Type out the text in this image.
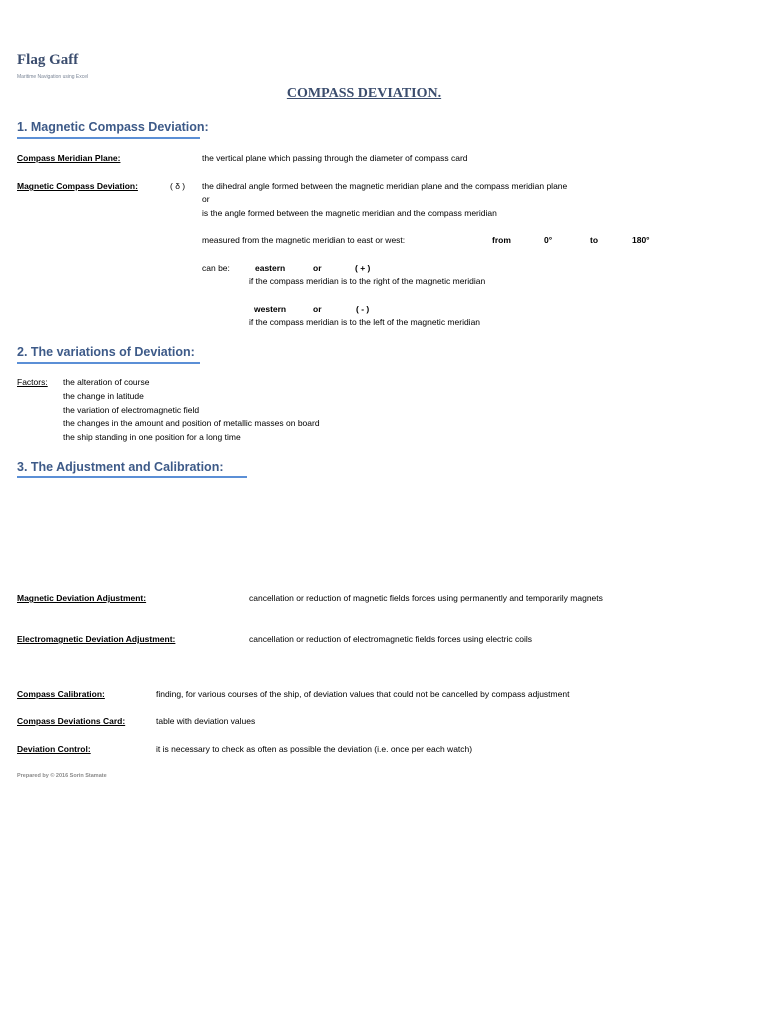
Flag Gaff
Maritime Navigation using Excel
COMPASS DEVIATION.
1. Magnetic Compass Deviation:
Compass Meridian Plane:	the vertical plane which passing through the diameter of compass card
Magnetic Compass Deviation:	( δ ) the dihedral angle formed between the magnetic meridian plane and the compass meridian plane
or
is the angle formed between the magnetic meridian and the compass meridian
measured from the magnetic meridian to east or west:	from	0°	to	180°
can be:	eastern	or	( + )
if the compass meridian is to the right of the magnetic meridian
western	or	( - )
if the compass meridian is to the left of the magnetic meridian
2. The variations of Deviation:
Factors: the alteration of course
the change in latitude
the variation of electromagnetic field
the changes in the amount and position of metallic masses on board
the ship standing in one position for a long time
3. The Adjustment and Calibration:
Magnetic Deviation Adjustment:	cancellation or reduction of magnetic fields forces using permanently and temporarily magnets
Electromagnetic Deviation Adjustment:	cancellation or reduction of electromagnetic fields forces using electric coils
Compass Calibration:	finding, for various courses of the ship, of deviation values that could not be cancelled by compass adjustment
Compass Deviations Card:	table with deviation values
Deviation Control:	it is necessary to check as often as possible the deviation (i.e. once per each watch)
Prepared by © 2016 Sorin Stamate
